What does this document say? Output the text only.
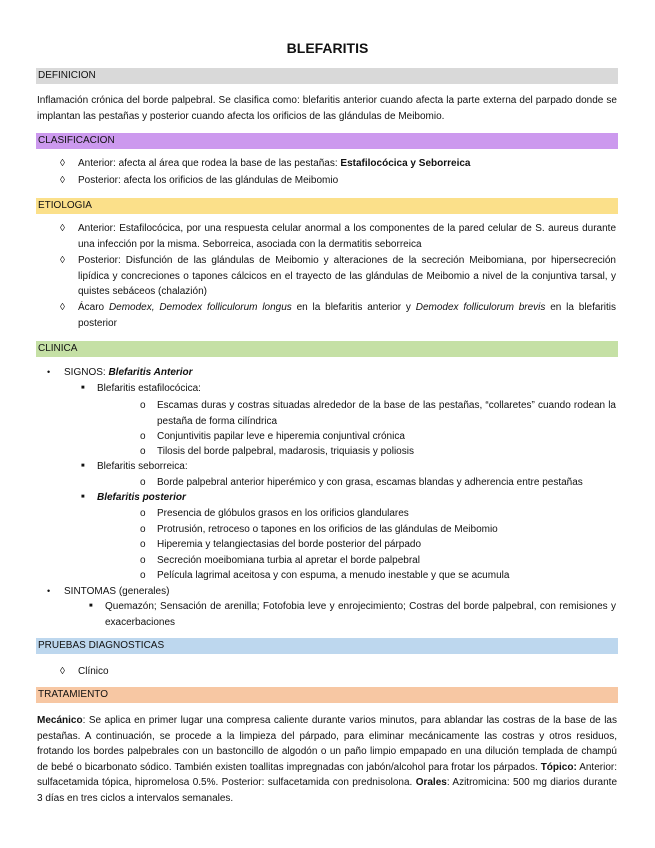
BLEFARITIS
DEFINICION
Inflamación crónica del borde palpebral. Se clasifica como: blefaritis anterior cuando afecta la parte externa del parpado donde se implantan las pestañas y posterior cuando afecta los orificios de las glándulas de Meibomio.
CLASIFICACION
◊ Anterior: afecta al área que rodea la base de las pestañas: Estafilocócica y Seborreica
◊ Posterior: afecta los orificios de las glándulas de Meibomio
ETIOLOGIA
◊ Anterior: Estafilocócica, por una respuesta celular anormal a los componentes de la pared celular de S. aureus durante una infección por la misma. Seborreica, asociada con la dermatitis seborreica
◊ Posterior: Disfunción de las glándulas de Meibomio y alteraciones de la secreción Meibomiana, por hipersecreción lipídica y concreciones o tapones cálcicos en el trayecto de las glándulas de Meibomio a nivel de la conjuntiva tarsal, y quistes sebáceos (chalazión)
◊ Ácaro Demodex, Demodex folliculorum longus en la blefaritis anterior y Demodex folliculorum brevis en la blefaritis posterior
CLINICA
• SIGNOS: Blefaritis Anterior
■ Blefaritis estafilocócica:
o Escamas duras y costras situadas alrededor de la base de las pestañas, “collaretes” cuando rodean la pestaña de forma cilíndrica
o Conjuntivitis papilar leve e hiperemia conjuntival crónica
o Tilosis del borde palpebral, madarosis, triquiasis y poliosis
■ Blefaritis seborreica:
o Borde palpebral anterior hiperémico y con grasa, escamas blandas y adherencia entre pestañas
■ Blefaritis posterior
o Presencia de glóbulos grasos en los orificios glandulares
o Protrusión, retroceso o tapones en los orificios de las glándulas de Meibomio
o Hiperemia y telangiectasias del borde posterior del párpado
o Secreción moeibomiana turbia al apretar el borde palpebral
o Película lagrimal aceitosa y con espuma, a menudo inestable y que se acumula
• SINTOMAS (generales)
■ Quemazón; Sensación de arenilla; Fotofobia leve y enrojecimiento; Costras del borde palpebral, con remisiones y exacerbaciones
PRUEBAS DIAGNOSTICAS
◊ Clínico
TRATAMIENTO
Mecánico: Se aplica en primer lugar una compresa caliente durante varios minutos, para ablandar las costras de la base de las pestañas. A continuación, se procede a la limpieza del párpado, para eliminar mecánicamente las costras y otros residuos, frotando los bordes palpebrales con un bastoncillo de algodón o un paño limpio empapado en una dilución templada de champú de bebé o bicarbonato sódico. También existen toallitas impregnadas con jabón/alcohol para frotar los párpados. Tópico: Anterior: sulfacetamida tópica, hipromelosa 0.5%. Posterior: sulfacetamida con prednisolona. Orales: Azitromicina: 500 mg diarios durante 3 días en tres ciclos a intervalos semanales.
